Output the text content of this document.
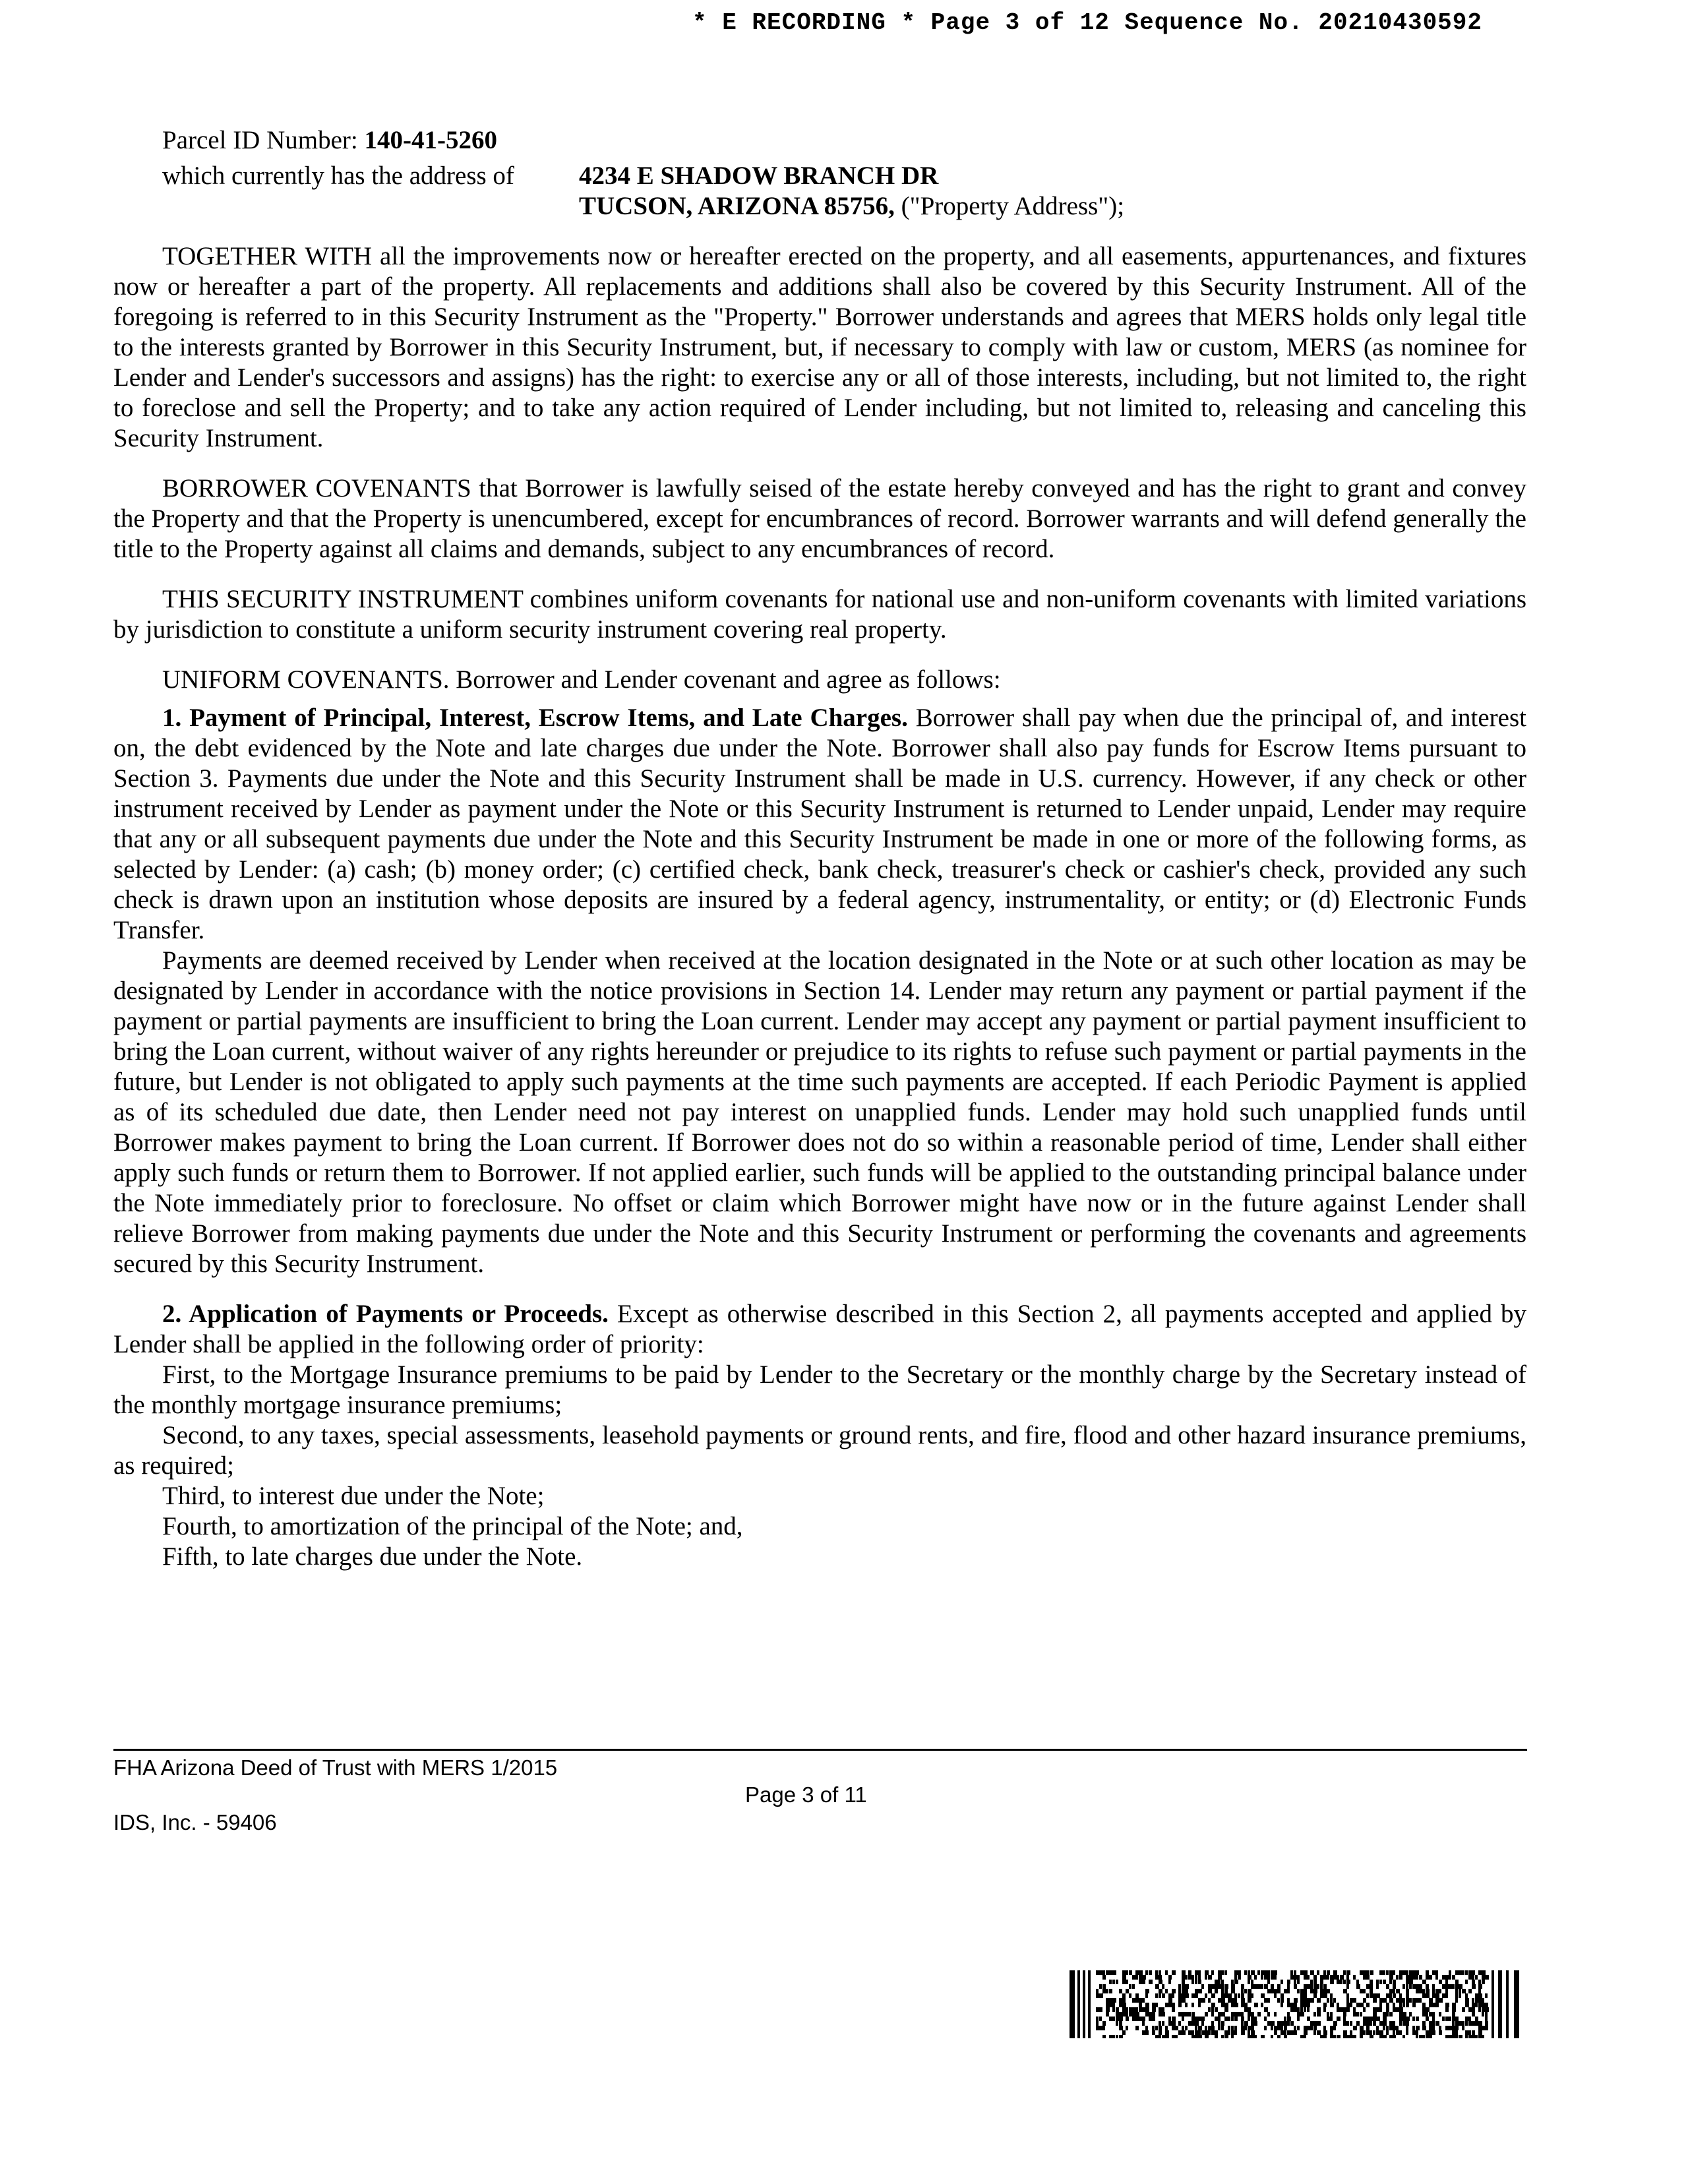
* E RECORDING * Page 3 of 12 Sequence No. 20210430592

Parcel ID Number: 140-41-5260

which currently has the address of	4234 E SHADOW BRANCH DR
TUCSON, ARIZONA 85756, ("Property Address");

TOGETHER WITH all the improvements now or hereafter erected on the property, and all easements, appurtenances, and fixtures now or hereafter a part of the property. All replacements and additions shall also be covered by this Security Instrument. All of the foregoing is referred to in this Security Instrument as the "Property." Borrower understands and agrees that MERS holds only legal title to the interests granted by Borrower in this Security Instrument, but, if necessary to comply with law or custom, MERS (as nominee for Lender and Lender's successors and assigns) has the right: to exercise any or all of those interests, including, but not limited to, the right to foreclose and sell the Property; and to take any action required of Lender including, but not limited to, releasing and canceling this Security Instrument.

BORROWER COVENANTS that Borrower is lawfully seised of the estate hereby conveyed and has the right to grant and convey the Property and that the Property is unencumbered, except for encumbrances of record. Borrower warrants and will defend generally the title to the Property against all claims and demands, subject to any encumbrances of record.

THIS SECURITY INSTRUMENT combines uniform covenants for national use and non-uniform covenants with limited variations by jurisdiction to constitute a uniform security instrument covering real property.

UNIFORM COVENANTS. Borrower and Lender covenant and agree as follows:

1. Payment of Principal, Interest, Escrow Items, and Late Charges. Borrower shall pay when due the principal of, and interest on, the debt evidenced by the Note and late charges due under the Note. Borrower shall also pay funds for Escrow Items pursuant to Section 3. Payments due under the Note and this Security Instrument shall be made in U.S. currency. However, if any check or other instrument received by Lender as payment under the Note or this Security Instrument is returned to Lender unpaid, Lender may require that any or all subsequent payments due under the Note and this Security Instrument be made in one or more of the following forms, as selected by Lender: (a) cash; (b) money order; (c) certified check, bank check, treasurer's check or cashier's check, provided any such check is drawn upon an institution whose deposits are insured by a federal agency, instrumentality, or entity; or (d) Electronic Funds Transfer.

Payments are deemed received by Lender when received at the location designated in the Note or at such other location as may be designated by Lender in accordance with the notice provisions in Section 14. Lender may return any payment or partial payment if the payment or partial payments are insufficient to bring the Loan current. Lender may accept any payment or partial payment insufficient to bring the Loan current, without waiver of any rights hereunder or prejudice to its rights to refuse such payment or partial payments in the future, but Lender is not obligated to apply such payments at the time such payments are accepted. If each Periodic Payment is applied as of its scheduled due date, then Lender need not pay interest on unapplied funds. Lender may hold such unapplied funds until Borrower makes payment to bring the Loan current. If Borrower does not do so within a reasonable period of time, Lender shall either apply such funds or return them to Borrower. If not applied earlier, such funds will be applied to the outstanding principal balance under the Note immediately prior to foreclosure. No offset or claim which Borrower might have now or in the future against Lender shall relieve Borrower from making payments due under the Note and this Security Instrument or performing the covenants and agreements secured by this Security Instrument.

2. Application of Payments or Proceeds. Except as otherwise described in this Section 2, all payments accepted and applied by Lender shall be applied in the following order of priority:

First, to the Mortgage Insurance premiums to be paid by Lender to the Secretary or the monthly charge by the Secretary instead of the monthly mortgage insurance premiums;

Second, to any taxes, special assessments, leasehold payments or ground rents, and fire, flood and other hazard insurance premiums, as required;

Third, to interest due under the Note;

Fourth, to amortization of the principal of the Note; and,

Fifth, to late charges due under the Note.

FHA Arizona Deed of Trust with MERS 1/2015
Page 3 of 11
IDS, Inc. - 59406
